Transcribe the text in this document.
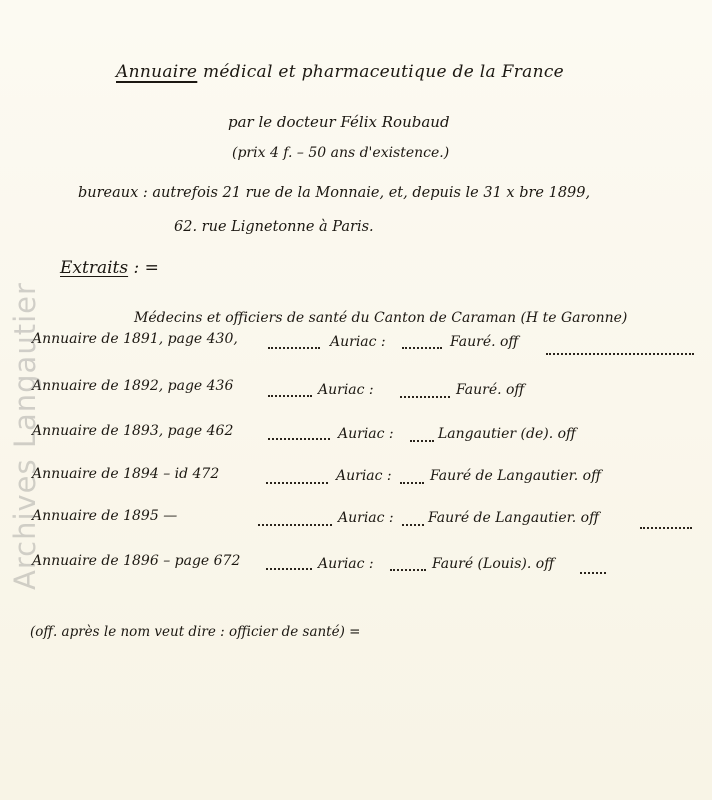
Annuaire médical et pharmaceutique de la France
par le docteur Félix Roubaud
(prix 4 f. – 50 ans d'existence.)
bureaux : autrefois 21 rue de la Monnaie, et, depuis le 31 x bre 1899,
62. rue Lignetonne à Paris.
Extraits : =
Médecins et officiers de santé du Canton de Caraman (H te Garonne)
Annuaire de 1891, page 430,	Auriac :	Fauré. off
Annuaire de 1892, page 436	Auriac :	Fauré. off
Annuaire de 1893, page 462	Auriac :	Langautier (de). off
Annuaire de 1894 – id 472	Auriac :	Fauré de Langautier. off
Annuaire de 1895 —	Auriac : Fauré de Langautier. off
Annuaire de 1896 – page 672	Auriac :	Fauré (Louis). off
(off. après le nom veut dire : officier de santé) =
Archives Langautier
